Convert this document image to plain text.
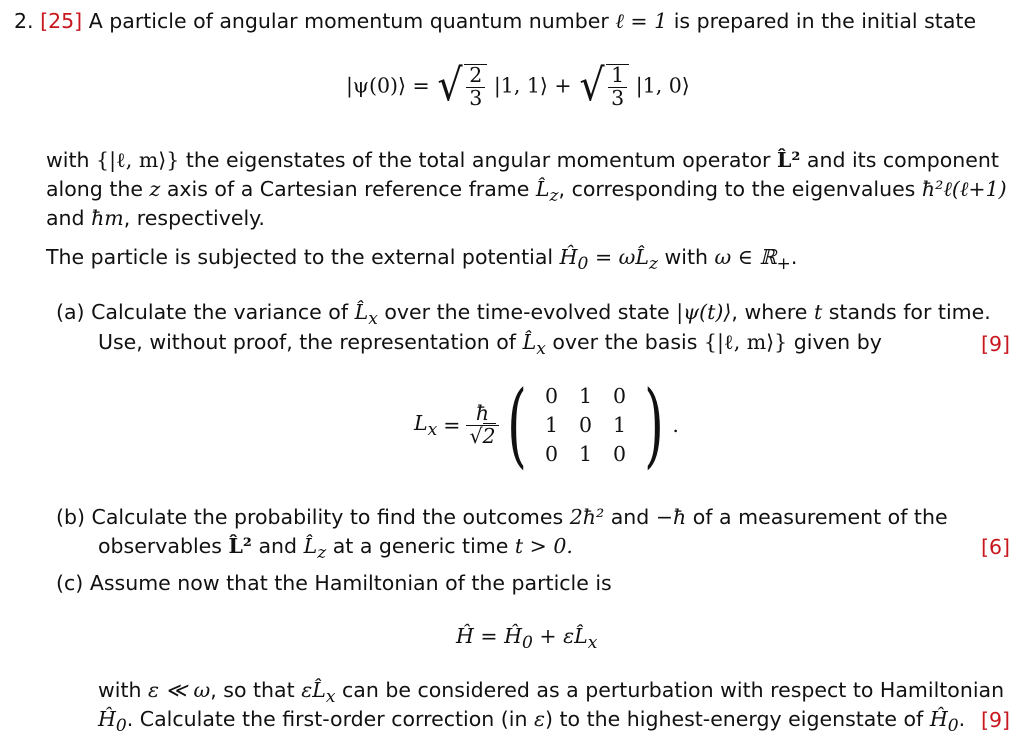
2. [25] A particle of angular momentum quantum number ℓ = 1 is prepared in the initial state
|ψ(0)⟩ = √ $\frac{2}{3} |1$, 1⟩ + √ $\frac{1}{3} |1$, 0⟩
with {|ℓ, m⟩} the eigenstates of the total angular momentum operator L̂² and its component
along the z axis of a Cartesian reference frame $L̂_z$, corresponding to the eigenvalues ħ²ℓ(ℓ+1)
and ħm, respectively.
The particle is subjected to the external potential $Ĥ_0$ = $\omega L̂_z$ with ω ∈ ℝ$_+$.
(a) Calculate the variance of $L̂_x$ over the time-evolved state |ψ(t)⟩, where t stands for time.
Use, without proof, the representation of $L̂_x$ over the basis {|ℓ, m⟩} given by	[9]
$L_x = \frac{ħ}{√2}$ ( 0	1	0
1	0	1
0	1	0 ) .
(b) Calculate the probability to find the outcomes 2ħ² and −ħ of a measurement of the
observables L̂² and $L̂_z$ at a generic time t > 0.	[6]
(c) Assume now that the Hamiltonian of the particle is
Ĥ = $Ĥ_0$ + $\varepsilon L̂_x$
with ε ≪ ω, so that $\varepsilon L̂_x$ can be considered as a perturbation with respect to Hamiltonian
$Ĥ_0$. Calculate the first-order correction (in ε) to the highest-energy eigenstate of $Ĥ_0$. [9]
